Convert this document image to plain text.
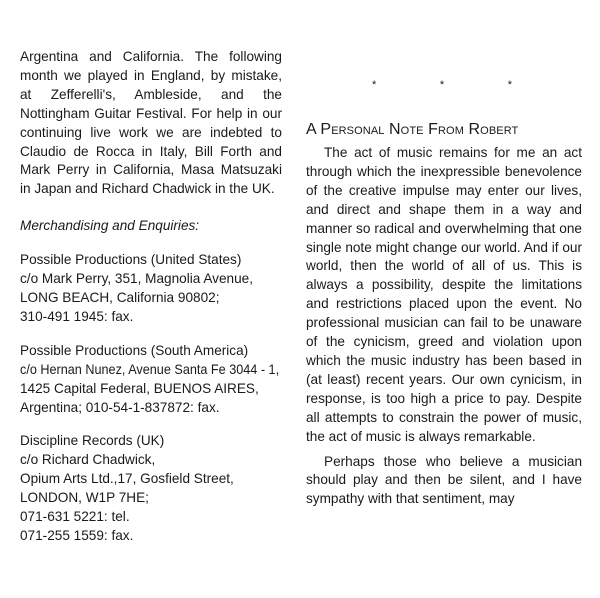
Argentina and California. The following month we played in England, by mistake, at Zefferelli's, Ambleside, and the Nottingham Guitar Festival. For help in our continuing live work we are indebted to Claudio de Rocca in Italy, Bill Forth and Mark Perry in California, Masa Matsuzaki in Japan and Richard Chadwick in the UK.

Merchandising and Enquiries:

Possible Productions (United States)
c/o Mark Perry, 351, Magnolia Avenue,
LONG BEACH, California 90802;
310-491 1945: fax.
Possible Productions (South America)
c/o Hernan Nunez, Avenue Santa Fe 3044 - 1,
1425 Capital Federal, BUENOS AIRES,
Argentina; 010-54-1-837872: fax.
Discipline Records (UK)
c/o Richard Chadwick,
Opium Arts Ltd.,17, Gosfield Street,
LONDON, W1P 7HE;
071-631 5221: tel.
071-255 1559: fax.
*	*	*
A Personal Note From Robert

The act of music remains for me an act through which the inexpressible benevolence of the creative impulse may enter our lives, and direct and shape them in a way and manner so radical and overwhelming that one single note might change our world. And if our world, then the world of all of us. This is always a possibility, despite the limitations and restrictions placed upon the event. No professional musician can fail to be unaware of the cynicism, greed and violation upon which the music industry has been based in (at least) recent years. Our own cynicism, in response, is too high a price to pay. Despite all attempts to constrain the power of music, the act of music is always remarkable.

Perhaps those who believe a musician should play and then be silent, and I have sympathy with that sentiment, may
